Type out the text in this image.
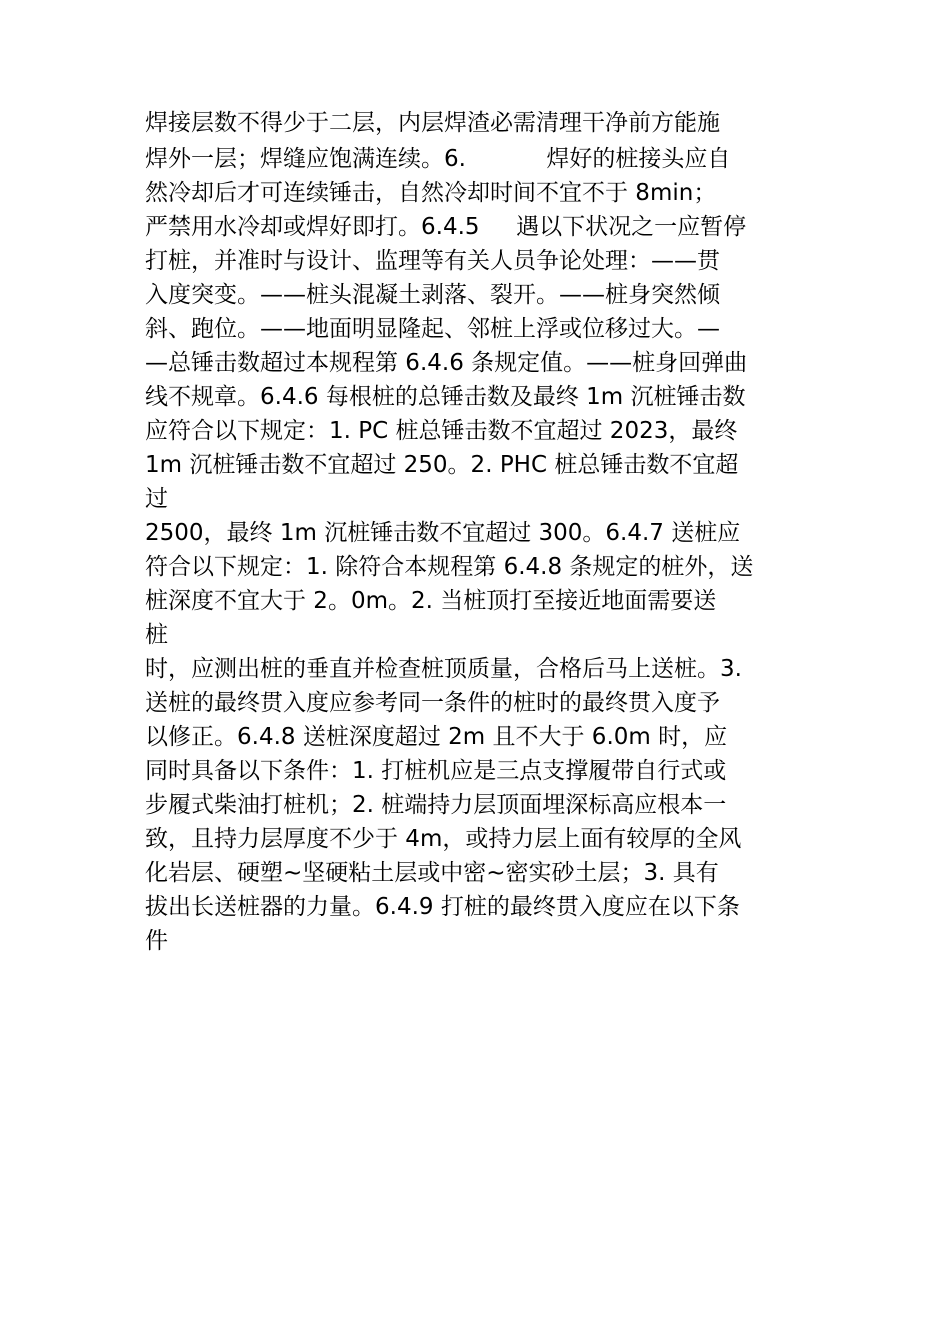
焊接层数不得少于二层，内层焊渣必需清理干净前方能施
焊外一层；焊缝应饱满连续。6.           焊好的桩接头应自
然冷却后才可连续锤击，自然冷却时间不宜不于 8min；
严禁用水冷却或焊好即打。6.4.5     遇以下状况之一应暂停
打桩，并准时与设计、监理等有关人员争论处理：——贯
入度突变。——桩头混凝土剥落、裂开。——桩身突然倾
斜、跑位。——地面明显隆起、邻桩上浮或位移过大。—
—总锤击数超过本规程第 6.4.6 条规定值。——桩身回弹曲
线不规章。6.4.6 每根桩的总锤击数及最终 1m 沉桩锤击数
应符合以下规定：1. PC 桩总锤击数不宜超过 2023，最终
1m 沉桩锤击数不宜超过 250。2. PHC 桩总锤击数不宜超
过
2500，最终 1m 沉桩锤击数不宜超过 300。6.4.7 送桩应
符合以下规定：1. 除符合本规程第 6.4.8 条规定的桩外，送
桩深度不宜大于 2。0m。2. 当桩顶打至接近地面需要送
桩
时，应测出桩的垂直并检查桩顶质量，合格后马上送桩。3.
送桩的最终贯入度应参考同一条件的桩时的最终贯入度予
以修正。6.4.8 送桩深度超过 2m 且不大于 6.0m 时，应
同时具备以下条件：1. 打桩机应是三点支撑履带自行式或
步履式柴油打桩机；2. 桩端持力层顶面埋深标高应根本一
致，且持力层厚度不少于 4m，或持力层上面有较厚的全风
化岩层、硬塑~坚硬粘土层或中密~密实砂土层；3. 具有
拔出长送桩器的力量。6.4.9 打桩的最终贯入度应在以下条
件
